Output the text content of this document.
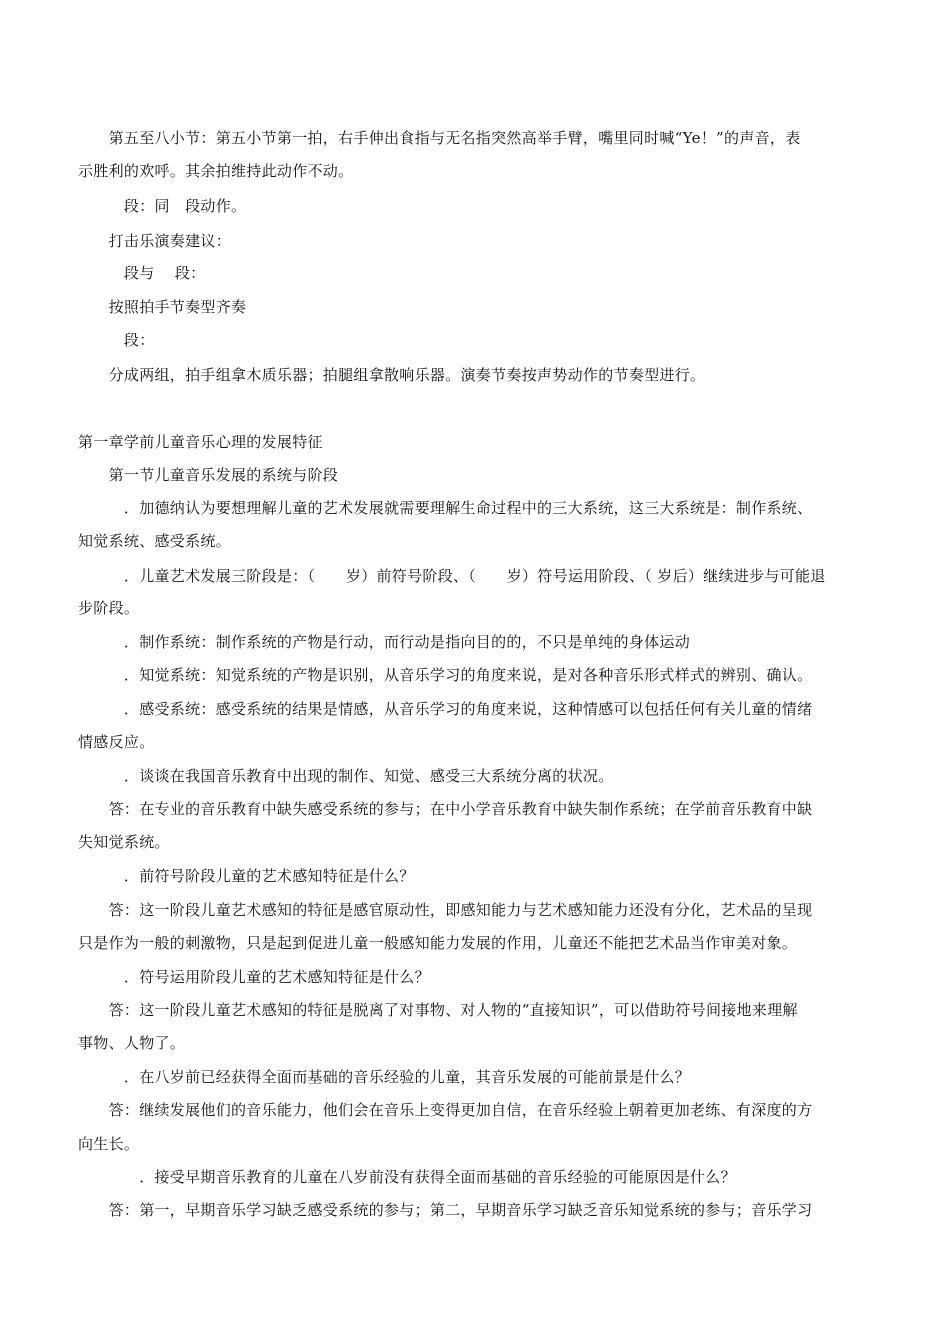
　　第五至八小节：第五小节第一拍，右手伸出食指与无名指突然高举手臂，嘴里同时喊“Ye！”的声音，表
示胜利的欢呼。其余拍维持此动作不动。
　　　段：同　段动作。
　　打击乐演奏建议：
　　　段与　 段：
　　按照拍手节奏型齐奏
　　　段：
　　分成两组，拍手组拿木质乐器；拍腿组拿散响乐器。演奏节奏按声势动作的节奏型进行。
第一章学前儿童音乐心理的发展特征
　　第一节儿童音乐发展的系统与阶段
　　　．加德纳认为要想理解儿童的艺术发展就需要理解生命过程中的三大系统，这三大系统是：制作系统、
知觉系统、感受系统。
　　　．儿童艺术发展三阶段是：（　　岁）前符号阶段、（　　岁）符号运用阶段、（ 岁后）继续进步与可能退
步阶段。
　　　．制作系统：制作系统的产物是行动，而行动是指向目的的，不只是单纯的身体运动
　　　．知觉系统：知觉系统的产物是识别，从音乐学习的角度来说，是对各种音乐形式样式的辨别、确认。
　　　．感受系统：感受系统的结果是情感，从音乐学习的角度来说，这种情感可以包括任何有关儿童的情绪
情感反应。
　　　．谈谈在我国音乐教育中出现的制作、知觉、感受三大系统分离的状况。
　　答：在专业的音乐教育中缺失感受系统的参与；在中小学音乐教育中缺失制作系统；在学前音乐教育中缺
失知觉系统。
　　　．前符号阶段儿童的艺术感知特征是什么？
　　答：这一阶段儿童艺术感知的特征是感官原动性，即感知能力与艺术感知能力还没有分化，艺术品的呈现
只是作为一般的刺激物，只是起到促进儿童一般感知能力发展的作用，儿童还不能把艺术品当作审美对象。
　　　．符号运用阶段儿童的艺术感知特征是什么？
　　答：这一阶段儿童艺术感知的特征是脱离了对事物、对人物的“直接知识”，可以借助符号间接地来理解
事物、人物了。
　　　．在八岁前已经获得全面而基础的音乐经验的儿童，其音乐发展的可能前景是什么？
　　答：继续发展他们的音乐能力，他们会在音乐上变得更加自信，在音乐经验上朝着更加老练、有深度的方
向生长。
　　　　．接受早期音乐教育的儿童在八岁前没有获得全面而基础的音乐经验的可能原因是什么？
　　答：第一，早期音乐学习缺乏感受系统的参与；第二，早期音乐学习缺乏音乐知觉系统的参与；音乐学习
